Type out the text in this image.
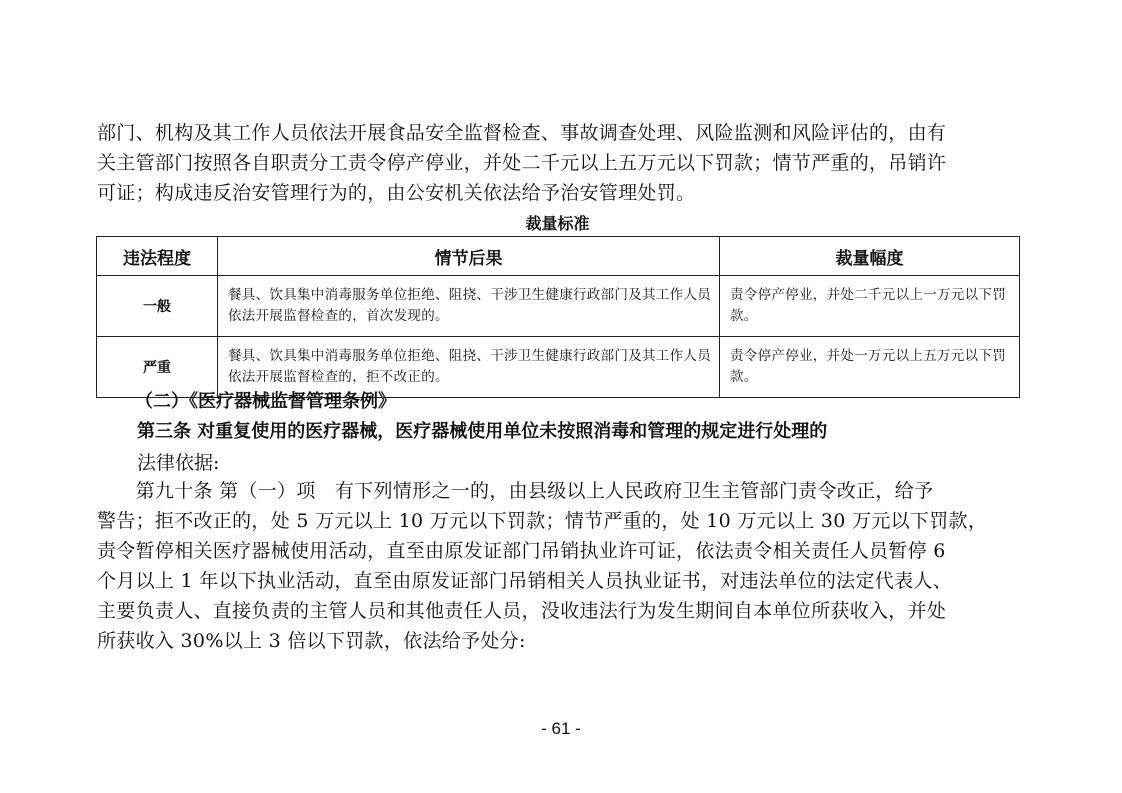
部门、机构及其工作人员依法开展食品安全监督检查、事故调查处理、风险监测和风险评估的，由有
关主管部门按照各自职责分工责令停产停业，并处二千元以上五万元以下罚款；情节严重的，吊销许
可证；构成违反治安管理行为的，由公安机关依法给予治安管理处罚。

裁量标准
违法程度	情节后果	裁量幅度
一般	餐具、饮具集中消毒服务单位拒绝、阻挠、干涉卫生健康行政部门及其工作人员依法开展监督检查的，首次发现的。	责令停产停业，并处二千元以上一万元以下罚款。
严重	餐具、饮具集中消毒服务单位拒绝、阻挠、干涉卫生健康行政部门及其工作人员依法开展监督检查的，拒不改正的。	责令停产停业，并处一万元以上五万元以下罚款。
（二）《医疗器械监督管理条例》
第三条 对重复使用的医疗器械，医疗器械使用单位未按照消毒和管理的规定进行处理的

法律依据:

　　第九十条 第（一）项　有下列情形之一的，由县级以上人民政府卫生主管部门责令改正，给予
警告；拒不改正的，处 5 万元以上 10 万元以下罚款；情节严重的，处 10 万元以上 30 万元以下罚款，
责令暂停相关医疗器械使用活动，直至由原发证部门吊销执业许可证，依法责令相关责任人员暂停 6
个月以上 1 年以下执业活动，直至由原发证部门吊销相关人员执业证书，对违法单位的法定代表人、
主要负责人、直接负责的主管人员和其他责任人员，没收违法行为发生期间自本单位所获收入，并处
所获收入 30%以上 3 倍以下罚款，依法给予处分:

- 61 -
